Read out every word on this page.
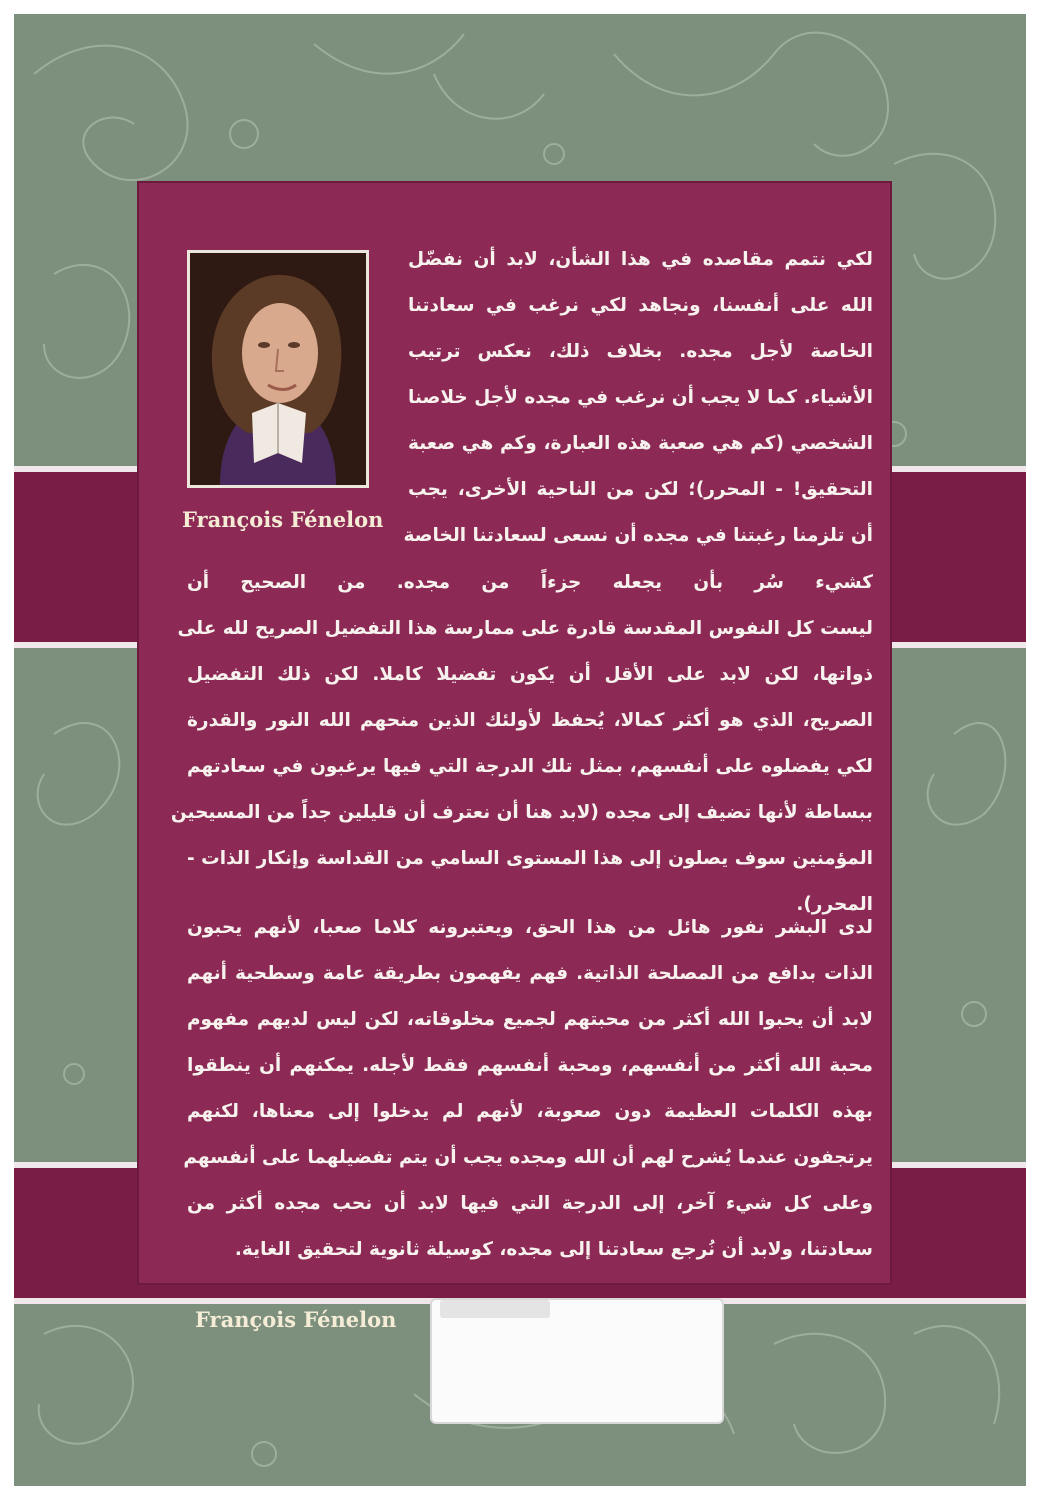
François Fénelon
لكي نتمم مقاصده في هذا الشأن، لابد أن نفضّل
الله على أنفسنا، ونجاهد لكي نرغب في سعادتنا
الخاصة لأجل مجده. بخلاف ذلك، نعكس ترتيب
الأشياء. كما لا يجب أن نرغب في مجده لأجل خلاصنا
الشخصي (كم هي صعبة هذه العبارة، وكم هي صعبة
التحقيق! - المحرر)؛ لكن من الناحية الأخرى، يجب
أن تلزمنا رغبتنا في مجده أن نسعى لسعادتنا الخاصة
كشيء سُر بأن يجعله جزءاً من مجده. من الصحيح أن
ليست كل النفوس المقدسة قادرة على ممارسة هذا التفضيل الصريح لله على
ذواتها، لكن لابد على الأقل أن يكون تفضيلا كاملا. لكن ذلك التفضيل
الصريح، الذي هو أكثر كمالا، يُحفظ لأولئك الذين منحهم الله النور والقدرة
لكي يفضلوه على أنفسهم، بمثل تلك الدرجة التي فيها يرغبون في سعادتهم
ببساطة لأنها تضيف إلى مجده (لابد هنا أن نعترف أن قليلين جداً من المسيحين
المؤمنين سوف يصلون إلى هذا المستوى السامي من القداسة وإنكار الذات -
المحرر).
لدى البشر نفور هائل من هذا الحق، ويعتبرونه كلاما صعبا، لأنهم يحبون
الذات بدافع من المصلحة الذاتية. فهم يفهمون بطريقة عامة وسطحية أنهم
لابد أن يحبوا الله أكثر من محبتهم لجميع مخلوقاته، لكن ليس لديهم مفهوم
محبة الله أكثر من أنفسهم، ومحبة أنفسهم فقط لأجله. يمكنهم أن ينطقوا
بهذه الكلمات العظيمة دون صعوبة، لأنهم لم يدخلوا إلى معناها، لكنهم
يرتجفون عندما يُشرح لهم أن الله ومجده يجب أن يتم تفضيلهما على أنفسهم
وعلى كل شيء آخر، إلى الدرجة التي فيها لابد أن نحب مجده أكثر من
سعادتنا، ولابد أن نُرجع سعادتنا إلى مجده، كوسيلة ثانوية لتحقيق الغاية.
François Fénelon
